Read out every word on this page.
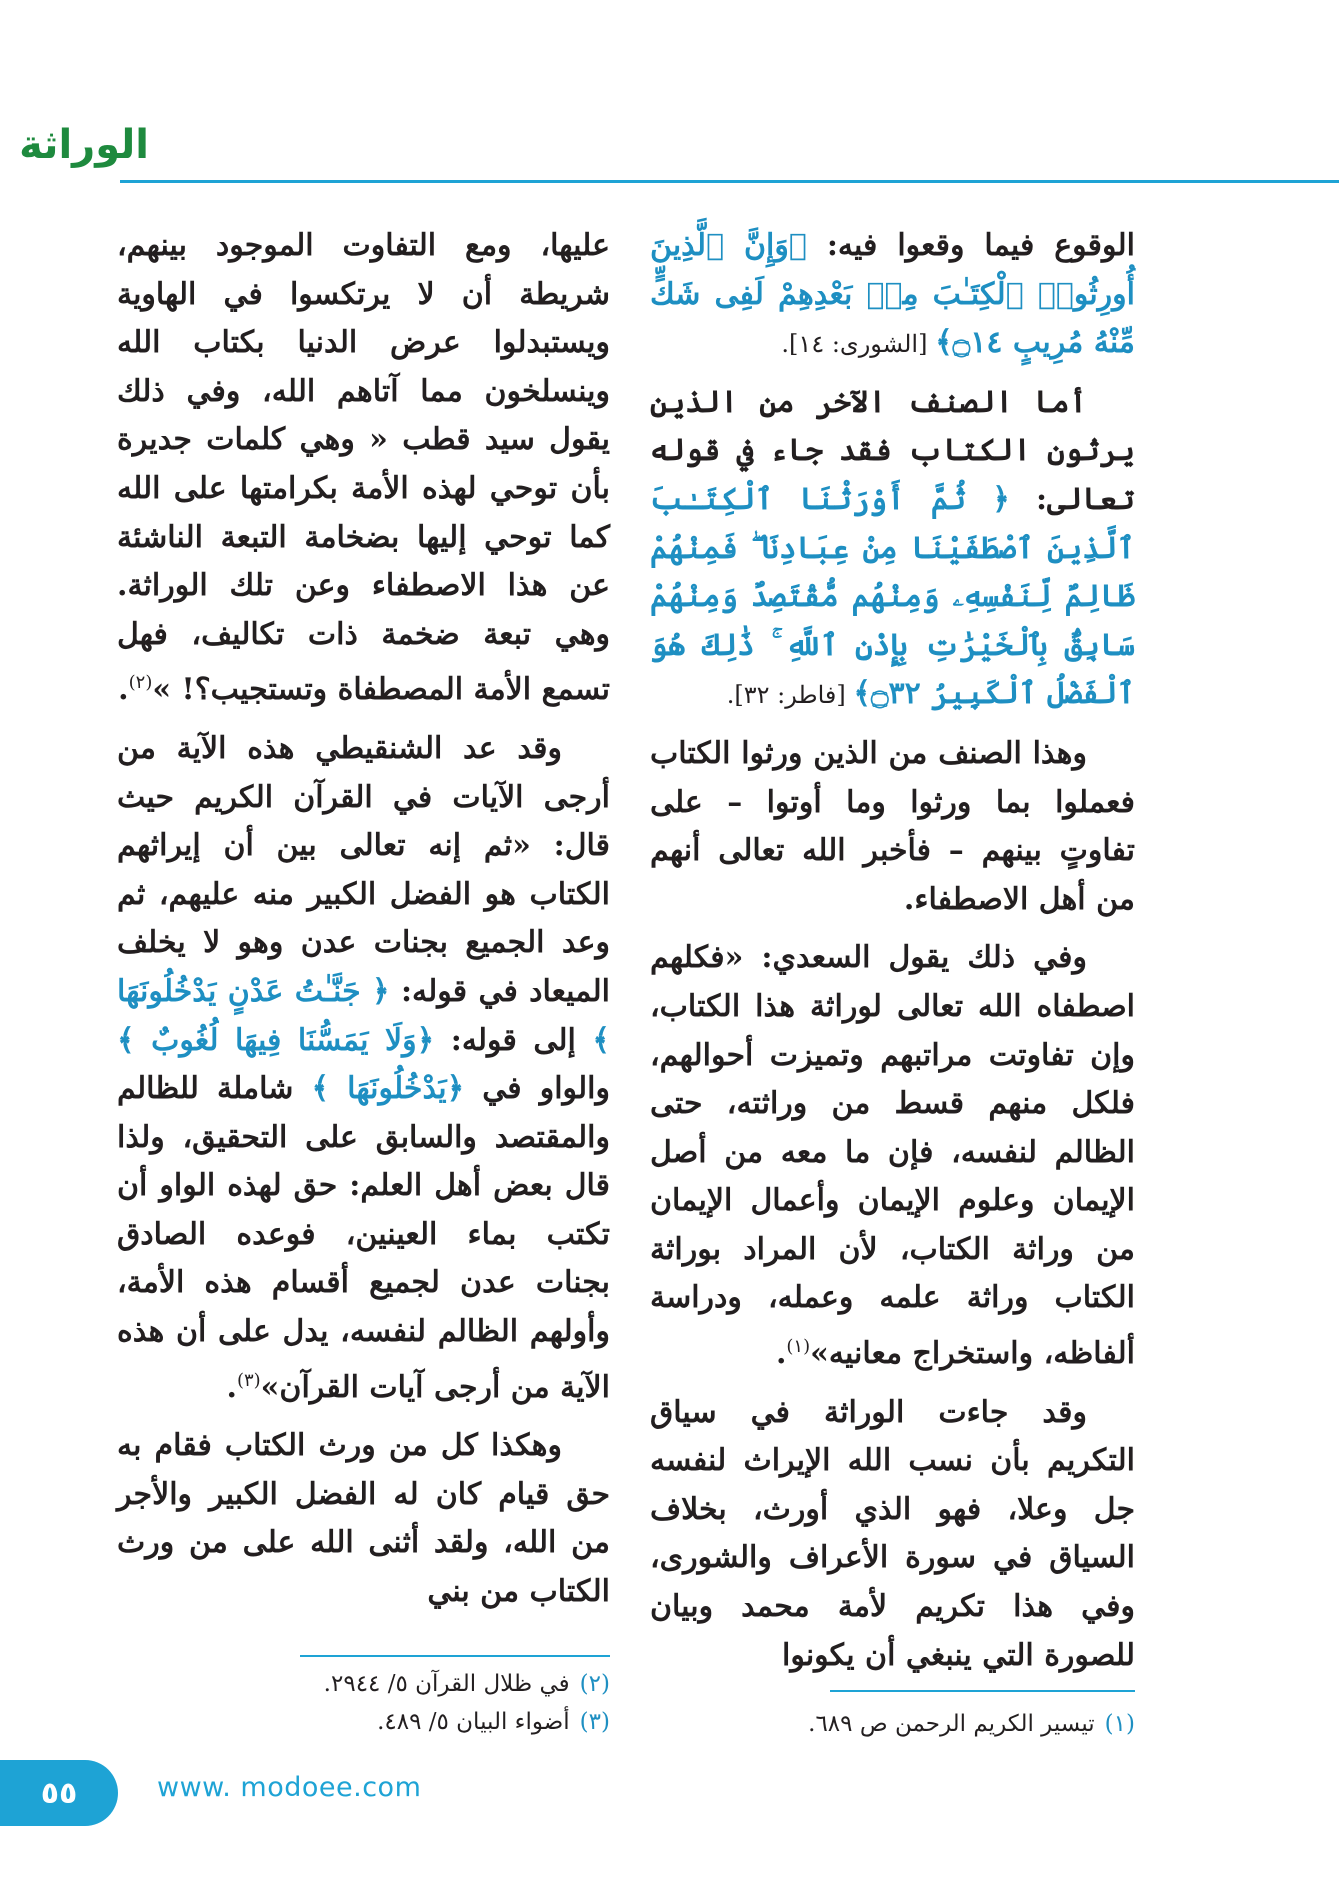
الوراثة

الوقوع فيما وقعوا فيه: ﴿وَإِنَّ ٱلَّذِينَ أُورِثُوا۟ ٱلْكِتَـٰبَ مِنۢ بَعْدِهِمْ لَفِى شَكٍّ مِّنْهُ مُرِيبٍ ۝١٤﴾ [الشورى: ١٤].

أما الصنف الآخر من الذين يرثون الكتاب فقد جاء في قوله تعالى: ﴿ ثُمَّ أَوْرَثْنَا ٱلْكِتَـٰبَ ٱلَّذِينَ ٱصْطَفَيْنَا مِنْ عِبَادِنَا ۖ فَمِنْهُمْ ظَالِمٌ لِّنَفْسِهِۦ وَمِنْهُم مُّقْتَصِدٌ وَمِنْهُمْ سَابِقٌۢ بِٱلْخَيْرَٰتِ بِإِذْنِ ٱللَّهِ ۚ ذَٰلِكَ هُوَ ٱلْفَضْلُ ٱلْكَبِيرُ ۝٣٢﴾ [فاطر: ٣٢].

وهذا الصنف من الذين ورثوا الكتاب فعملوا بما ورثوا وما أوتوا – على تفاوتٍ بينهم – فأخبر الله تعالى أنهم من أهل الاصطفاء.

وفي ذلك يقول السعدي: «فكلهم اصطفاه الله تعالى لوراثة هذا الكتاب، وإن تفاوتت مراتبهم وتميزت أحوالهم، فلكل منهم قسط من وراثته، حتى الظالم لنفسه، فإن ما معه من أصل الإيمان وعلوم الإيمان وأعمال الإيمان من وراثة الكتاب، لأن المراد بوراثة الكتاب وراثة علمه وعمله، ودراسة ألفاظه، واستخراج معانيه»$^{(١)}$.

وقد جاءت الوراثة في سياق التكريم بأن نسب الله الإيراث لنفسه جل وعلا، فهو الذي أورث، بخلاف السياق في سورة الأعراف والشورى، وفي هذا تكريم لأمة محمد وبيان للصورة التي ينبغي أن يكونوا

عليها، ومع التفاوت الموجود بينهم، شريطة أن لا يرتكسوا في الهاوية ويستبدلوا عرض الدنيا بكتاب الله وينسلخون مما آتاهم الله، وفي ذلك يقول سيد قطب « وهي كلمات جديرة بأن توحي لهذه الأمة بكرامتها على الله كما توحي إليها بضخامة التبعة الناشئة عن هذا الاصطفاء وعن تلك الوراثة. وهي تبعة ضخمة ذات تكاليف، فهل تسمع الأمة المصطفاة وتستجيب؟! »$^{(٢)}$.

وقد عد الشنقيطي هذه الآية من أرجى الآيات في القرآن الكريم حيث قال: «ثم إنه تعالى بين أن إيراثهم الكتاب هو الفضل الكبير منه عليهم، ثم وعد الجميع بجنات عدن وهو لا يخلف الميعاد في قوله: ﴿ جَنَّـٰتُ عَدْنٍ يَدْخُلُونَهَا ﴾ إلى قوله: ﴿وَلَا يَمَسُّنَا فِيهَا لُغُوبٌ ﴾ والواو في ﴿يَدْخُلُونَهَا ﴾ شاملة للظالم والمقتصد والسابق على التحقيق، ولذا قال بعض أهل العلم: حق لهذه الواو أن تكتب بماء العينين، فوعده الصادق بجنات عدن لجميع أقسام هذه الأمة، وأولهم الظالم لنفسه، يدل على أن هذه الآية من أرجى آيات القرآن»$^{(٣)}$.

وهكذا كل من ورث الكتاب فقام به حق قيام كان له الفضل الكبير والأجر من الله، ولقد أثنى الله على من ورث الكتاب من بني

(٢)في ظلال القرآن ٥/ ٢٩٤٤.
(٣)أضواء البيان ٥/ ٤٨٩.	(١)تيسير الكريم الرحمن ص ٦٨٩.
٥٥	www. modoee.com
